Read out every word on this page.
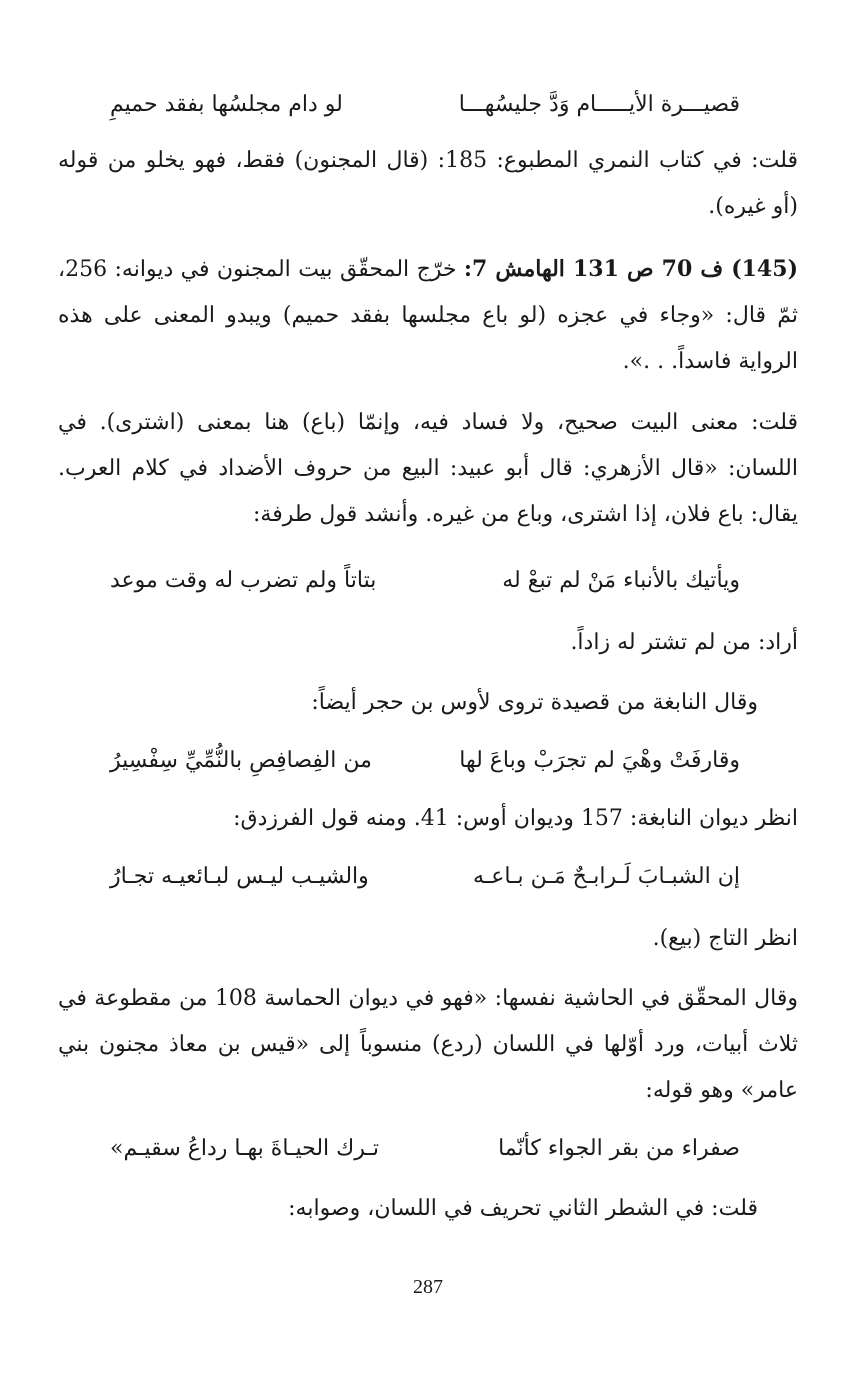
قصيـــرة الأيـــــام وَدَّ جليسُهـــا
لو دام مجلسُها بفقد حميمِ
قلت: في كتاب النمري المطبوع: 185: (قال المجنون) فقط، فهو يخلو من قوله (أو غيره).
(145) ف 70 ص 131 الهامش 7: خرّج المحقّق بيت المجنون في ديوانه: 256، ثمّ قال: «وجاء في عجزه (لو باع مجلسها بفقد حميم) ويبدو المعنى على هذه الرواية فاسداً. . .».
قلت: معنى البيت صحيح، ولا فساد فيه، وإنمّا (باع) هنا بمعنى (اشترى). في اللسان: «قال الأزهري: قال أبو عبيد: البيع من حروف الأضداد في كلام العرب. يقال: باع فلان، إذا اشترى، وباع من غيره. وأنشد قول طرفة:
ويأتيك بالأنباء مَنْ لم تبعْ له
بتاتاً ولم تضرب له وقت موعد
أراد: من لم تشتر له زاداً.
وقال النابغة من قصيدة تروى لأوس بن حجر أيضاً:
وقارفَتْ وهْيَ لم تجرَبْ وباعَ لها
من الفِصافِصِ بالنُّمِّيِّ سِفْسِيرُ
انظر ديوان النابغة: 157 وديوان أوس: 41. ومنه قول الفرزدق:
إن الشبـابَ لَـرابـحٌ مَـن بـاعـه
والشيـب ليـس لبـائعيـه تجـارُ
انظر التاج (بيع).
وقال المحقّق في الحاشية نفسها: «فهو في ديوان الحماسة 108 من مقطوعة في ثلاث أبيات، ورد أوّلها في اللسان (ردع) منسوباً إلى «قيس بن معاذ مجنون بني عامر» وهو قوله:
صفراء من بقر الجواء كأنّما
تـرك الحيـاةَ بهـا رداعُ سقيـم»
قلت: في الشطر الثاني تحريف في اللسان، وصوابه:
287
